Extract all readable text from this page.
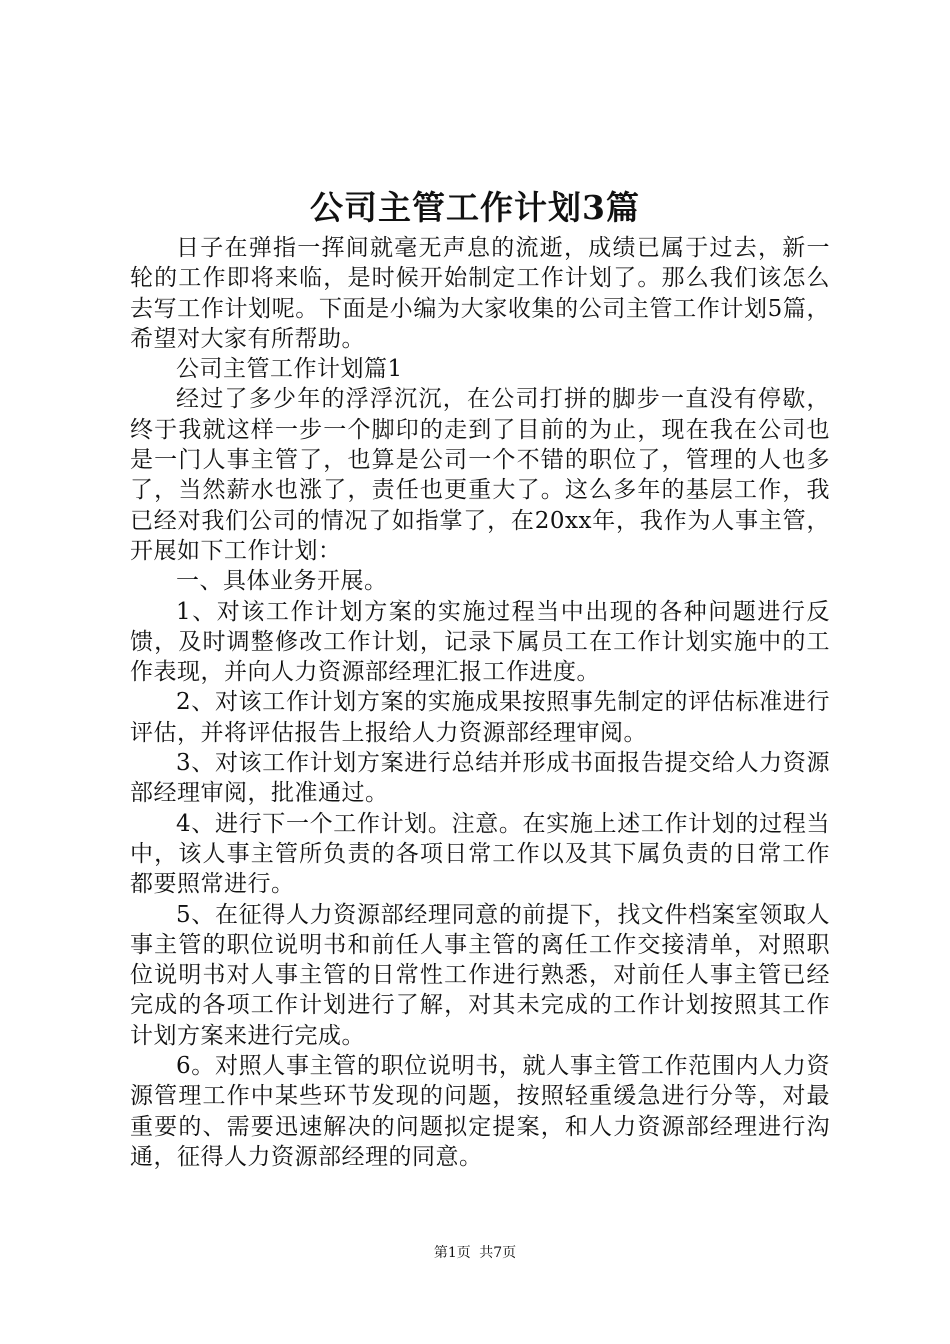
公司主管工作计划3篇

日子在弹指一挥间就毫无声息的流逝，成绩已属于过去，新一轮的工作即将来临，是时候开始制定工作计划了。那么我们该怎么去写工作计划呢。下面是小编为大家收集的公司主管工作计划5篇，希望对大家有所帮助。

公司主管工作计划篇1

经过了多少年的浮浮沉沉，在公司打拼的脚步一直没有停歇，终于我就这样一步一个脚印的走到了目前的为止，现在我在公司也是一门人事主管了，也算是公司一个不错的职位了，管理的人也多了，当然薪水也涨了，责任也更重大了。这么多年的基层工作，我已经对我们公司的情况了如指掌了，在20xx年，我作为人事主管，开展如下工作计划：

一、具体业务开展。

1、对该工作计划方案的实施过程当中出现的各种问题进行反馈，及时调整修改工作计划，记录下属员工在工作计划实施中的工作表现，并向人力资源部经理汇报工作进度。

2、对该工作计划方案的实施成果按照事先制定的评估标准进行评估，并将评估报告上报给人力资源部经理审阅。

3、对该工作计划方案进行总结并形成书面报告提交给人力资源部经理审阅，批准通过。

4、进行下一个工作计划。注意。在实施上述工作计划的过程当中，该人事主管所负责的各项日常工作以及其下属负责的日常工作都要照常进行。

5、在征得人力资源部经理同意的前提下，找文件档案室领取人事主管的职位说明书和前任人事主管的离任工作交接清单，对照职位说明书对人事主管的日常性工作进行熟悉，对前任人事主管已经完成的各项工作计划进行了解，对其未完成的工作计划按照其工作计划方案来进行完成。

6。对照人事主管的职位说明书，就人事主管工作范围内人力资源管理工作中某些环节发现的问题，按照轻重缓急进行分等，对最重要的、需要迅速解决的问题拟定提案，和人力资源部经理进行沟通，征得人力资源部经理的同意。

第1页 共7页
